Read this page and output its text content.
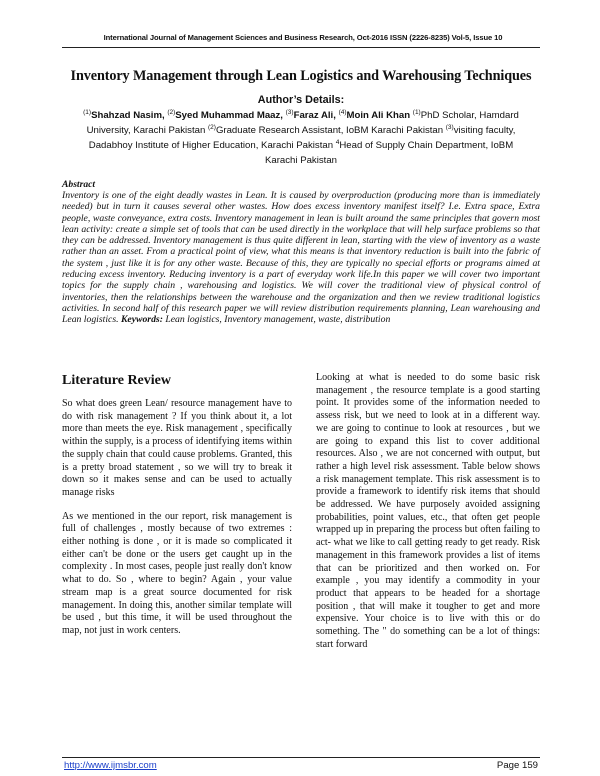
International Journal of Management Sciences and Business Research, Oct-2016 ISSN (2226-8235) Vol-5, Issue 10
Inventory Management through Lean Logistics and Warehousing Techniques
Author’s Details:
$^{(1)}$Shahzad Nasim, $^{(2)}$Syed Muhammad Maaz, $^{(3)}$Faraz Ali, $^{(4)}$Moin Ali Khan $^{(1)}$PhD Scholar, Hamdard University, Karachi Pakistan $^{(2)}$Graduate Research Assistant, IoBM Karachi Pakistan $^{(3)}$visiting faculty, Dadabhoy Institute of Higher Education, Karachi Pakistan $^4$Head of Supply Chain Department, IoBM Karachi Pakistan
Abstract
Inventory is one of the eight deadly wastes in Lean. It is caused by overproduction (producing more than is immediately needed) but in turn it causes several other wastes. How does excess inventory manifest itself? I.e. Extra space, Extra people, waste conveyance, extra costs. Inventory management in lean is built around the same principles that govern most lean activity: create a simple set of tools that can be used directly in the workplace that will help surface problems so that they can be addressed. Inventory management is thus quite different in lean, starting with the view of inventory as a waste rather than an asset. From a practical point of view, what this means is that inventory reduction is built into the fabric of the system , just like it is for any other waste. Because of this, they are typically no special efforts or programs aimed at reducing excess inventory. Reducing inventory is a part of everyday work life.In this paper we will cover two important topics for the supply chain , warehousing and logistics. We will cover the traditional view of physical control of inventories, then the relationships between the warehouse and the organization and then we review traditional logistics activities. In second half of this research paper we will review distribution requirements planning, Lean warehousing and Lean logistics. Keywords: Lean logistics, Inventory management, waste, distribution
Literature Review

So what does green Lean/ resource management have to do with risk management ? If you think about it, a lot more than meets the eye. Risk management , specifically within the supply, is a process of identifying items within the supply chain that could cause problems. Granted, this is a pretty broad statement , so we will try to break it down so it makes sense and can be used to actually manage risks

As we mentioned in the our report, risk management is full of challenges , mostly because of two extremes : either nothing is done , or it is made so complicated it either can't be done or the users get caught up in the complexity . In most cases, people just really don't know what to do. So , where to begin? Again , your value stream map is a great source documented for risk management. In doing this, another similar template will be used , but this time, it will be used throughout the map, not just in work centers.

Looking at what is needed to do some basic risk management , the resource template is a good starting point. It provides some of the information needed to assess risk, but we need to look at in a different way. we are going to continue to look at resources , but we are going to expand this list to cover additional resources. Also , we are not concerned with output, but rather a high level risk assessment. Table below shows a risk management template. This risk assessment is to provide a framework to identify risk items that should be addressed. We have purposely avoided assigning probabilities, point values, etc., that often get people wrapped up in preparing the process but often failing to act- what we like to call getting ready to get ready. Risk management in this framework provides a list of items that can be prioritized and then worked on. For example , you may identify a commodity in your product that appears to be headed for a shortage position , that will make it tougher to get and more expensive. Your choice is to live with this or do something. The " do something can be a lot of things: start forward

http://www.ijmsbr.com	Page 159
